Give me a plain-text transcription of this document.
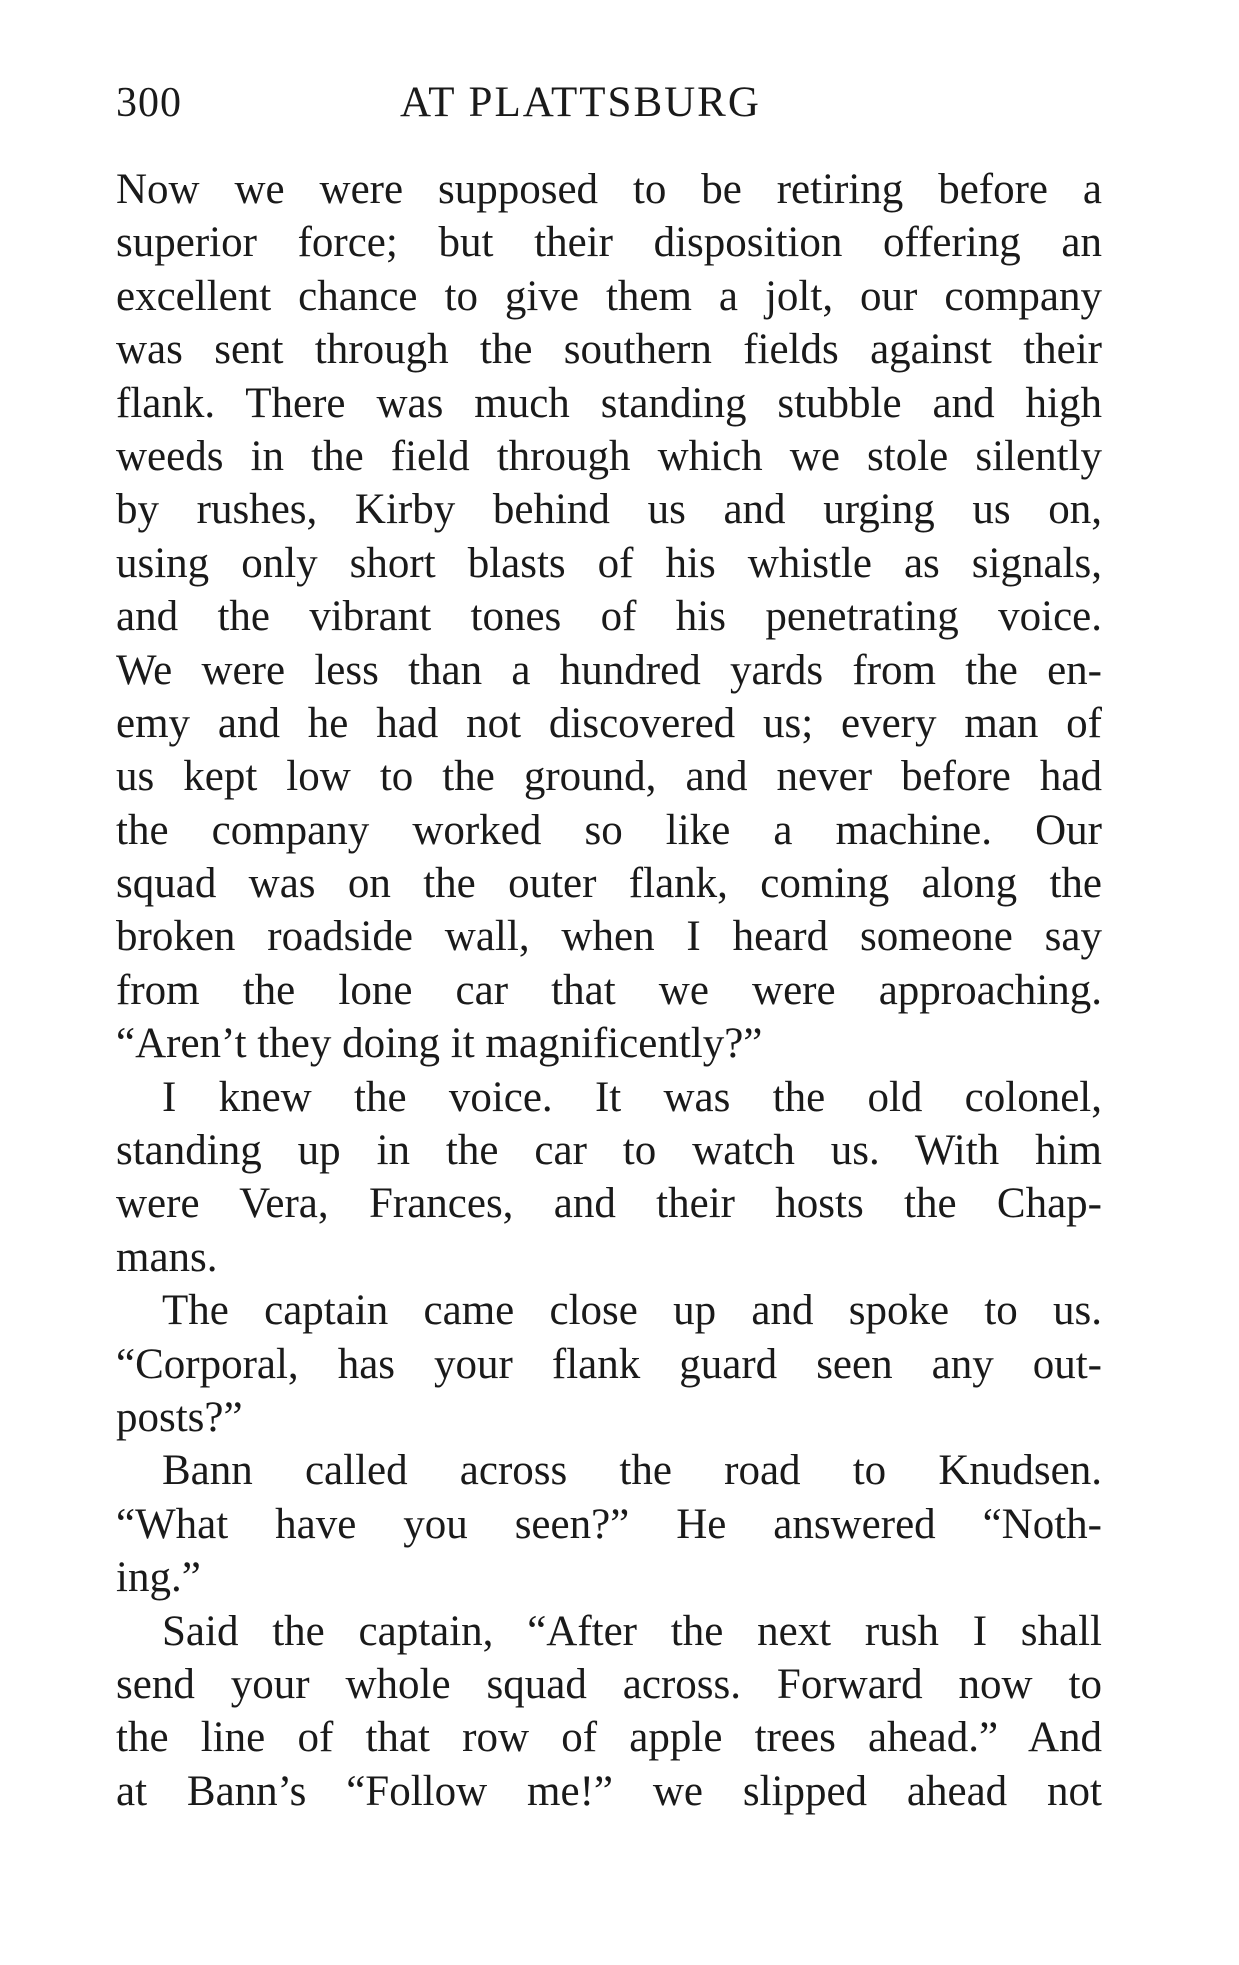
300	AT PLATTSBURG
Now we were supposed to be retiring before a
superior force; but their disposition offering an
excellent chance to give them a jolt, our company
was sent through the southern fields against their
flank. There was much standing stubble and high
weeds in the field through which we stole silently
by rushes, Kirby behind us and urging us on,
using only short blasts of his whistle as signals,
and the vibrant tones of his penetrating voice.
We were less than a hundred yards from the en-
emy and he had not discovered us; every man of
us kept low to the ground, and never before had
the company worked so like a machine. Our
squad was on the outer flank, coming along the
broken roadside wall, when I heard someone say
from the lone car that we were approaching.
“Aren’t they doing it magnificently?”
I knew the voice. It was the old colonel,
standing up in the car to watch us. With him
were Vera, Frances, and their hosts the Chap-
mans.
The captain came close up and spoke to us.
“Corporal, has your flank guard seen any out-
posts?”
Bann called across the road to Knudsen.
“What have you seen?” He answered “Noth-
ing.”
Said the captain, “After the next rush I shall
send your whole squad across. Forward now to
the line of that row of apple trees ahead.” And
at Bann’s “Follow me!” we slipped ahead not
